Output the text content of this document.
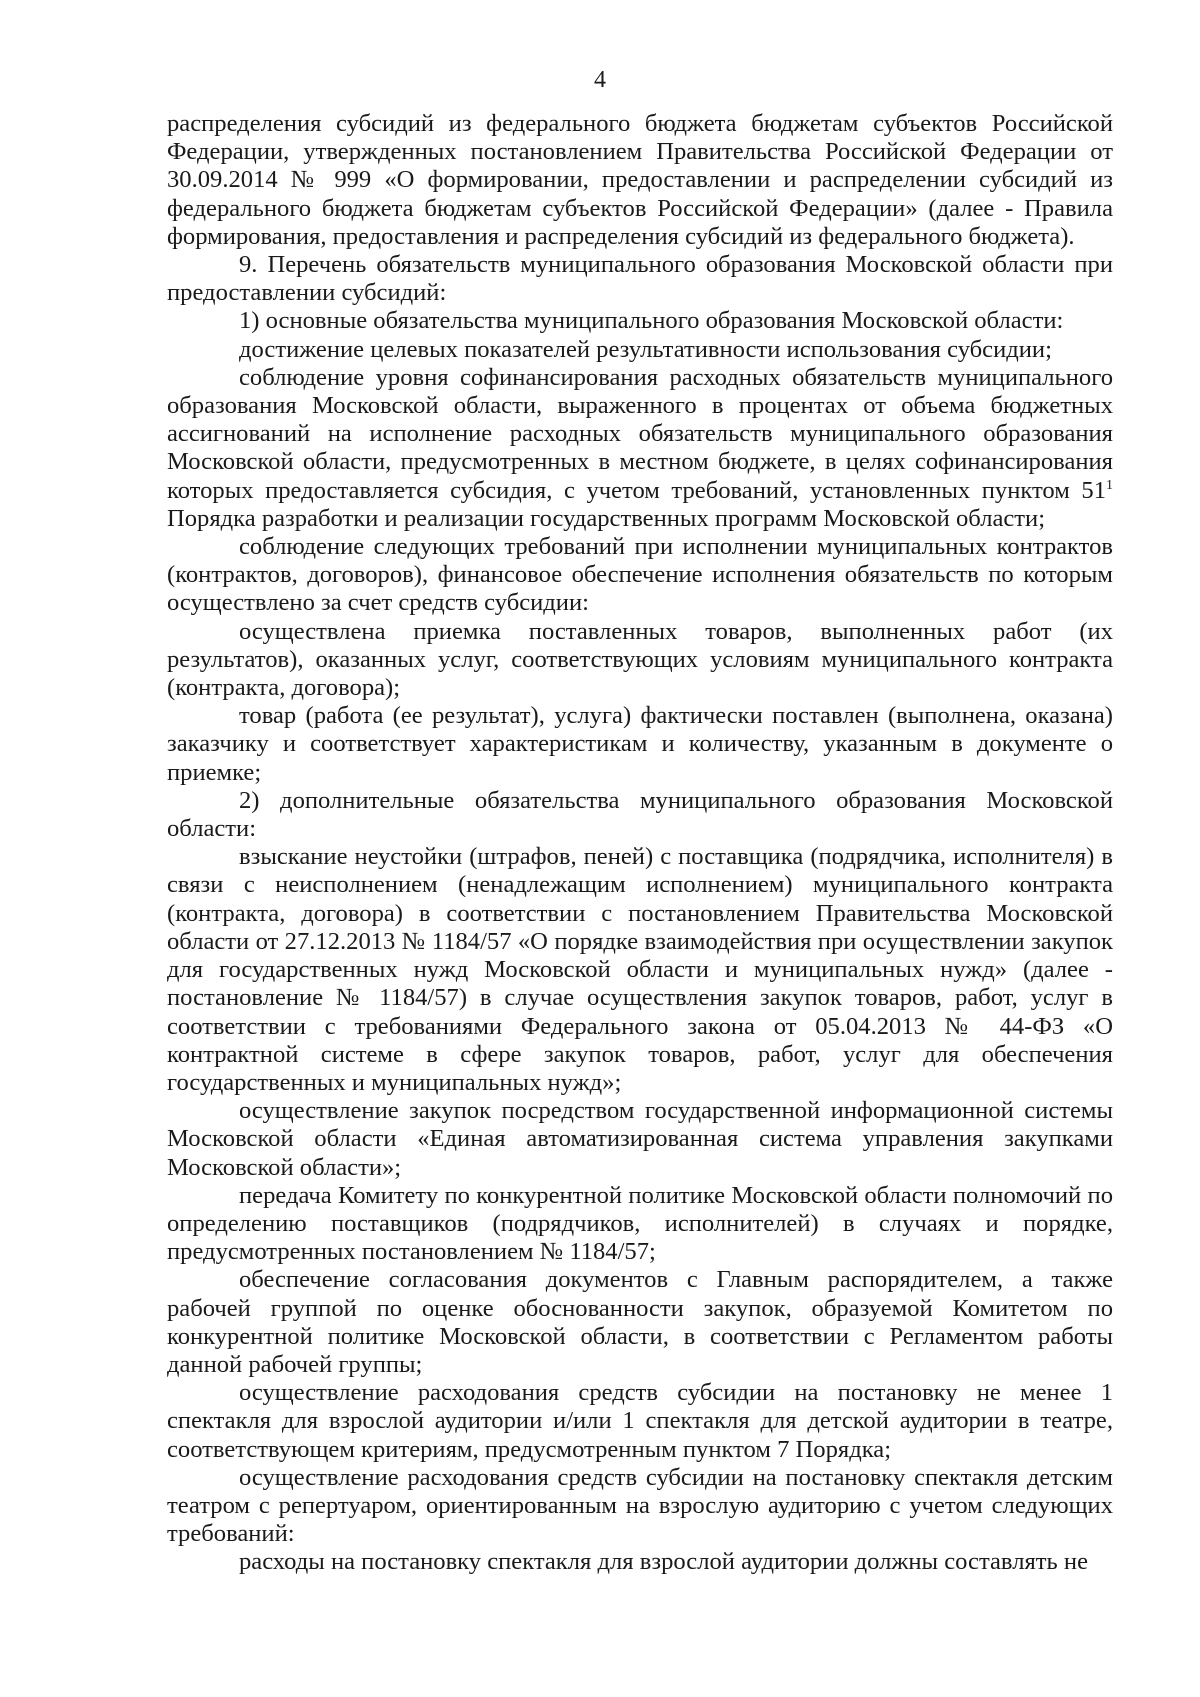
4

распределения субсидий из федерального бюджета бюджетам субъектов Российской Федерации, утвержденных постановлением Правительства Российской Федерации от 30.09.2014 № 999 «О формировании, предоставлении и распределении субсидий из федерального бюджета бюджетам субъектов Российской Федерации» (далее - Правила формирования, предоставления и распределения субсидий из федерального бюджета).

9. Перечень обязательств муниципального образования Московской области при предоставлении субсидий:

1) основные обязательства муниципального образования Московской области:

достижение целевых показателей результативности использования субсидии;

соблюдение уровня софинансирования расходных обязательств муниципального образования Московской области, выраженного в процентах от объема бюджетных ассигнований на исполнение расходных обязательств муниципального образования Московской области, предусмотренных в местном бюджете, в целях софинансирования которых предоставляется субсидия, с учетом требований, установленных пунктом $51^1$ Порядка разработки и реализации государственных программ Московской области;

соблюдение следующих требований при исполнении муниципальных контрактов (контрактов, договоров), финансовое обеспечение исполнения обязательств по которым осуществлено за счет средств субсидии:

осуществлена приемка поставленных товаров, выполненных работ (их результатов), оказанных услуг, соответствующих условиям муниципального контракта (контракта, договора);

товар (работа (ее результат), услуга) фактически поставлен (выполнена, оказана) заказчику и соответствует характеристикам и количеству, указанным в документе о приемке;

2) дополнительные обязательства муниципального образования Московской области:

взыскание неустойки (штрафов, пеней) с поставщика (подрядчика, исполнителя) в связи с неисполнением (ненадлежащим исполнением) муниципального контракта (контракта, договора) в соответствии с постановлением Правительства Московской области от 27.12.2013 № 1184/57 «О порядке взаимодействия при осуществлении закупок для государственных нужд Московской области и муниципальных нужд» (далее - постановление № 1184/57) в случае осуществления закупок товаров, работ, услуг в соответствии с требованиями Федерального закона от 05.04.2013 № 44-ФЗ «О контрактной системе в сфере закупок товаров, работ, услуг для обеспечения государственных и муниципальных нужд»;

осуществление закупок посредством государственной информационной системы Московской области «Единая автоматизированная система управления закупками Московской области»;

передача Комитету по конкурентной политике Московской области полномочий по определению поставщиков (подрядчиков, исполнителей) в случаях и порядке, предусмотренных постановлением № 1184/57;

обеспечение согласования документов с Главным распорядителем, а также рабочей группой по оценке обоснованности закупок, образуемой Комитетом по конкурентной политике Московской области, в соответствии с Регламентом работы данной рабочей группы;

осуществление расходования средств субсидии на постановку не менее 1 спектакля для взрослой аудитории и/или 1 спектакля для детской аудитории в театре, соответствующем критериям, предусмотренным пунктом 7 Порядка;

осуществление расходования средств субсидии на постановку спектакля детским театром с репертуаром, ориентированным на взрослую аудиторию с учетом следующих требований:

расходы на постановку спектакля для взрослой аудитории должны составлять не
